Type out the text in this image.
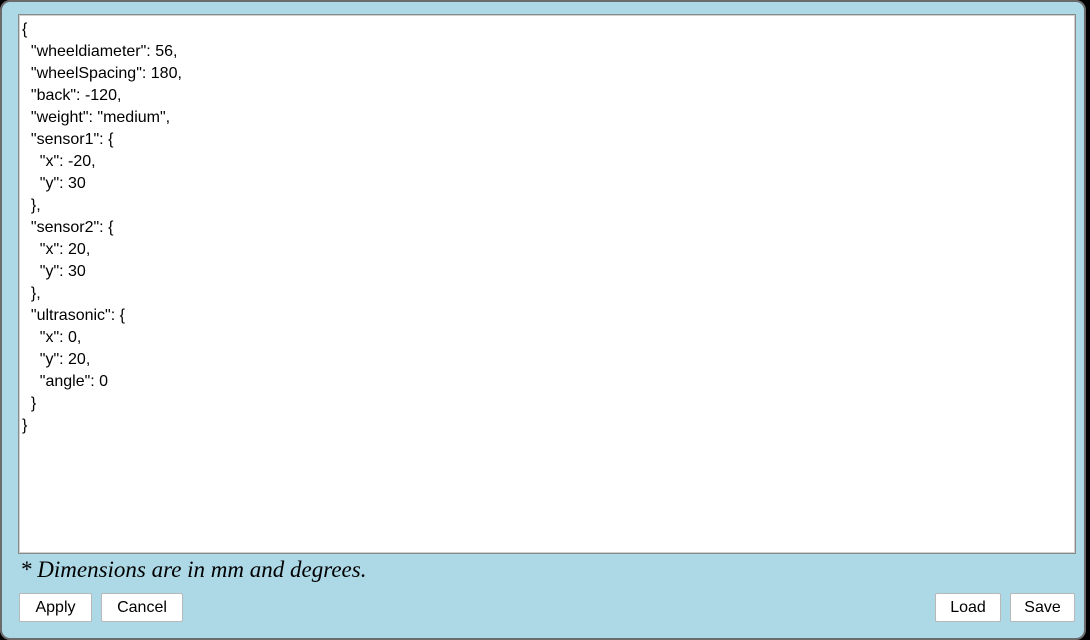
{ "wheeldiameter": 56, "wheelSpacing": 180, "back": -120, "weight": "medium", "sensor1": { "x": -20, "y": 30 }, "sensor2": { "x": 20, "y": 30 }, "ultrasonic": { "x": 0, "y": 20, "angle": 0 } }
* Dimensions are in mm and degrees.
Apply	Cancel	Load	Save
